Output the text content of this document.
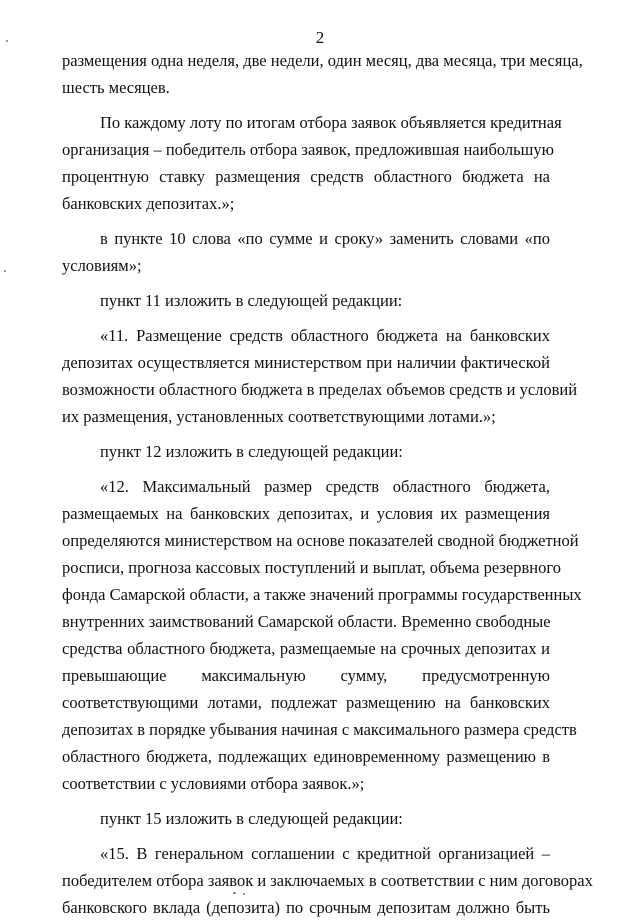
2
размещения одна неделя, две недели, один месяц, два месяца, три месяца,
шесть месяцев.
По каждому лоту по итогам отбора заявок объявляется кредитная
организация – победитель отбора заявок, предложившая наибольшую
процентную ставку размещения средств областного бюджета на
банковских депозитах.»;
в пункте 10 слова «по сумме и сроку» заменить словами «по
условиям»;
пункт 11 изложить в следующей редакции:
«11. Размещение средств областного бюджета на банковских
депозитах осуществляется министерством при наличии фактической
возможности областного бюджета в пределах объемов средств и условий
их размещения, установленных соответствующими лотами.»;
пункт 12 изложить в следующей редакции:
«12. Максимальный размер средств областного бюджета,
размещаемых на банковских депозитах, и условия их размещения
определяются министерством на основе показателей сводной бюджетной
росписи, прогноза кассовых поступлений и выплат, объема резервного
фонда Самарской области, а также значений программы государственных
внутренних заимствований Самарской области. Временно свободные
средства областного бюджета, размещаемые на срочных депозитах и
превышающие максимальную сумму, предусмотренную
соответствующими лотами, подлежат размещению на банковских
депозитах в порядке убывания начиная с максимального размера средств
областного бюджета, подлежащих единовременному размещению в
соответствии с условиями отбора заявок.»;
пункт 15 изложить в следующей редакции:
«15. В генеральном соглашении с кредитной организацией –
победителем отбора заявок и заключаемых в соответствии с ним договорах
банковского вклада (депозита) по срочным депозитам должно быть
